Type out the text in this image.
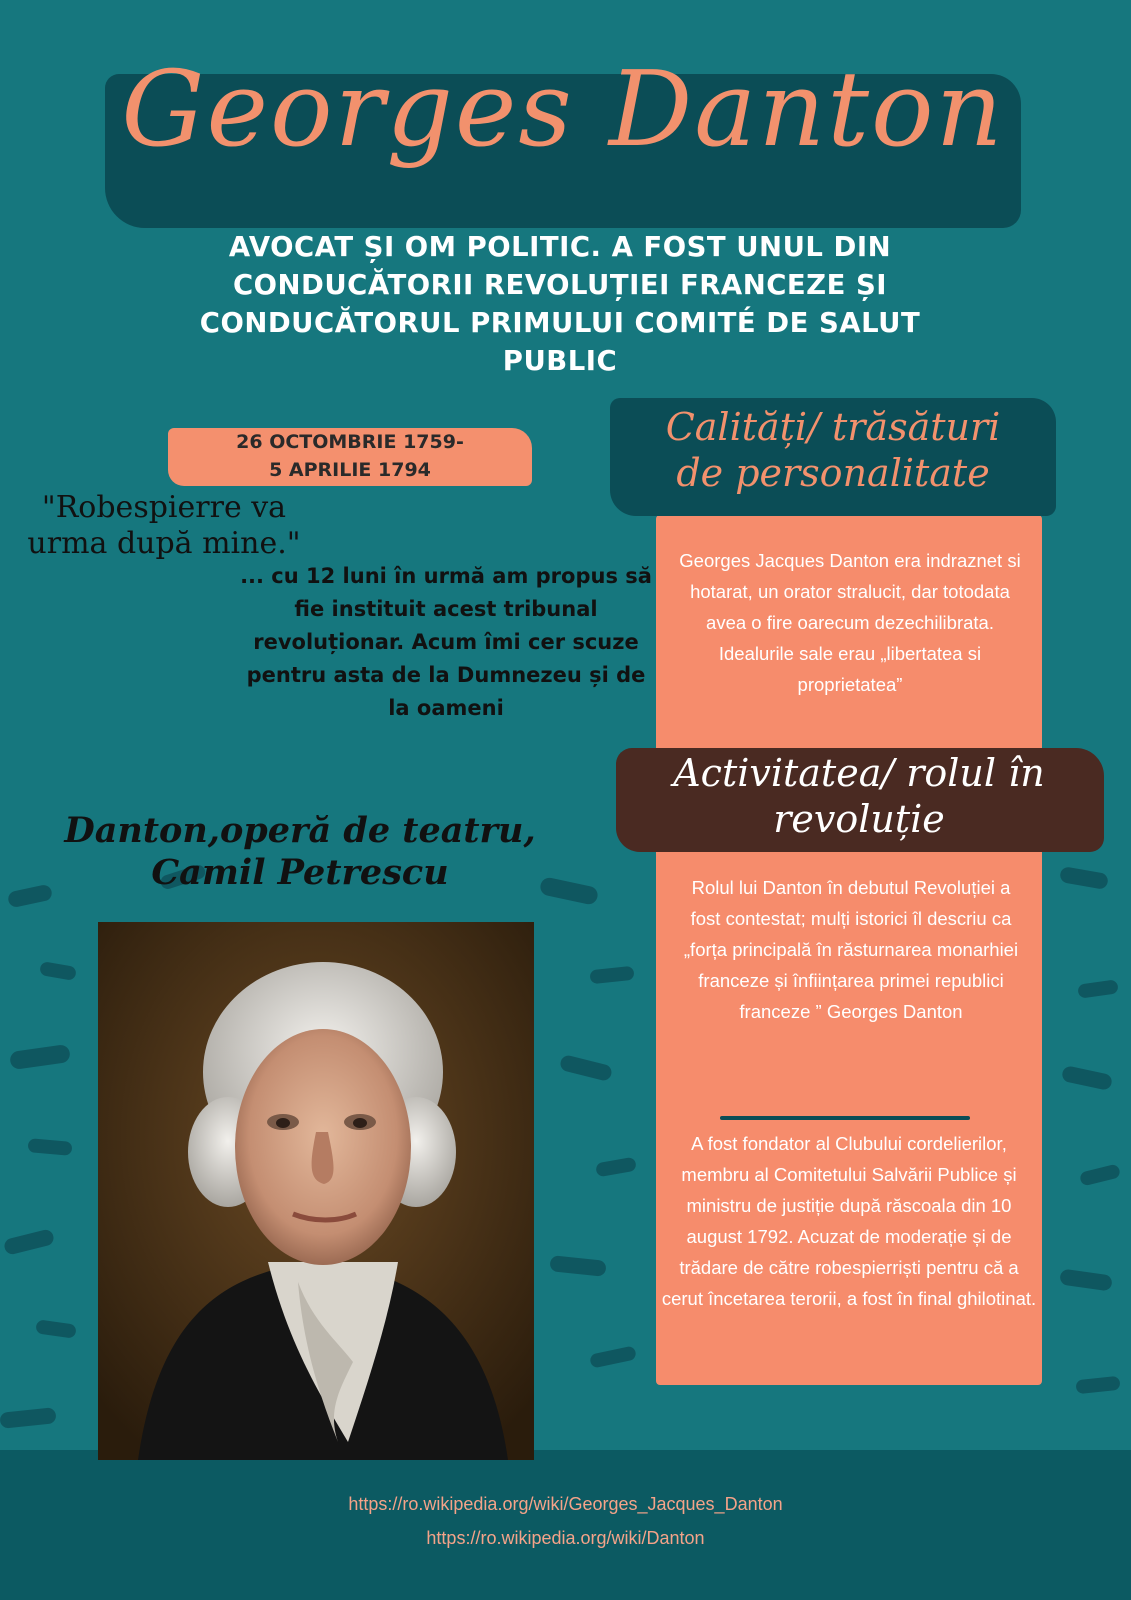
Georges Danton
AVOCAT ȘI OM POLITIC. A FOST UNUL DIN CONDUCĂTORII REVOLUȚIEI FRANCEZE ȘI CONDUCĂTORUL PRIMULUI COMITÉ DE SALUT PUBLIC
26 OCTOMBRIE 1759-
5 APRILIE 1794
"Robespierre va urma după mine."
... cu 12 luni în urmă am propus să fie instituit acest tribunal revoluționar. Acum îmi cer scuze pentru asta de la Dumnezeu și de la oameni
Danton,operă de teatru,
Camil Petrescu
Calități/ trăsături
de personalitate
Georges Jacques Danton era indraznet si hotarat, un orator stralucit, dar totodata avea o fire oarecum dezechilibrata. Idealurile sale erau „libertatea si proprietatea”
Activitatea/ rolul în
revoluție
Rolul lui Danton în debutul Revoluției a fost contestat; mulți istorici îl descriu ca „forța principală în răsturnarea monarhiei franceze și înființarea primei republici franceze ” Georges Danton
A fost fondator al Clubului cordelierilor, membru al Comitetului Salvării Publice și ministru de justiție după răscoala din 10 august 1792. Acuzat de moderație și de trădare de către robespierriști pentru că a cerut încetarea terorii, a fost în final ghilotinat.
https://ro.wikipedia.org/wiki/Georges_Jacques_Danton
https://ro.wikipedia.org/wiki/Danton
